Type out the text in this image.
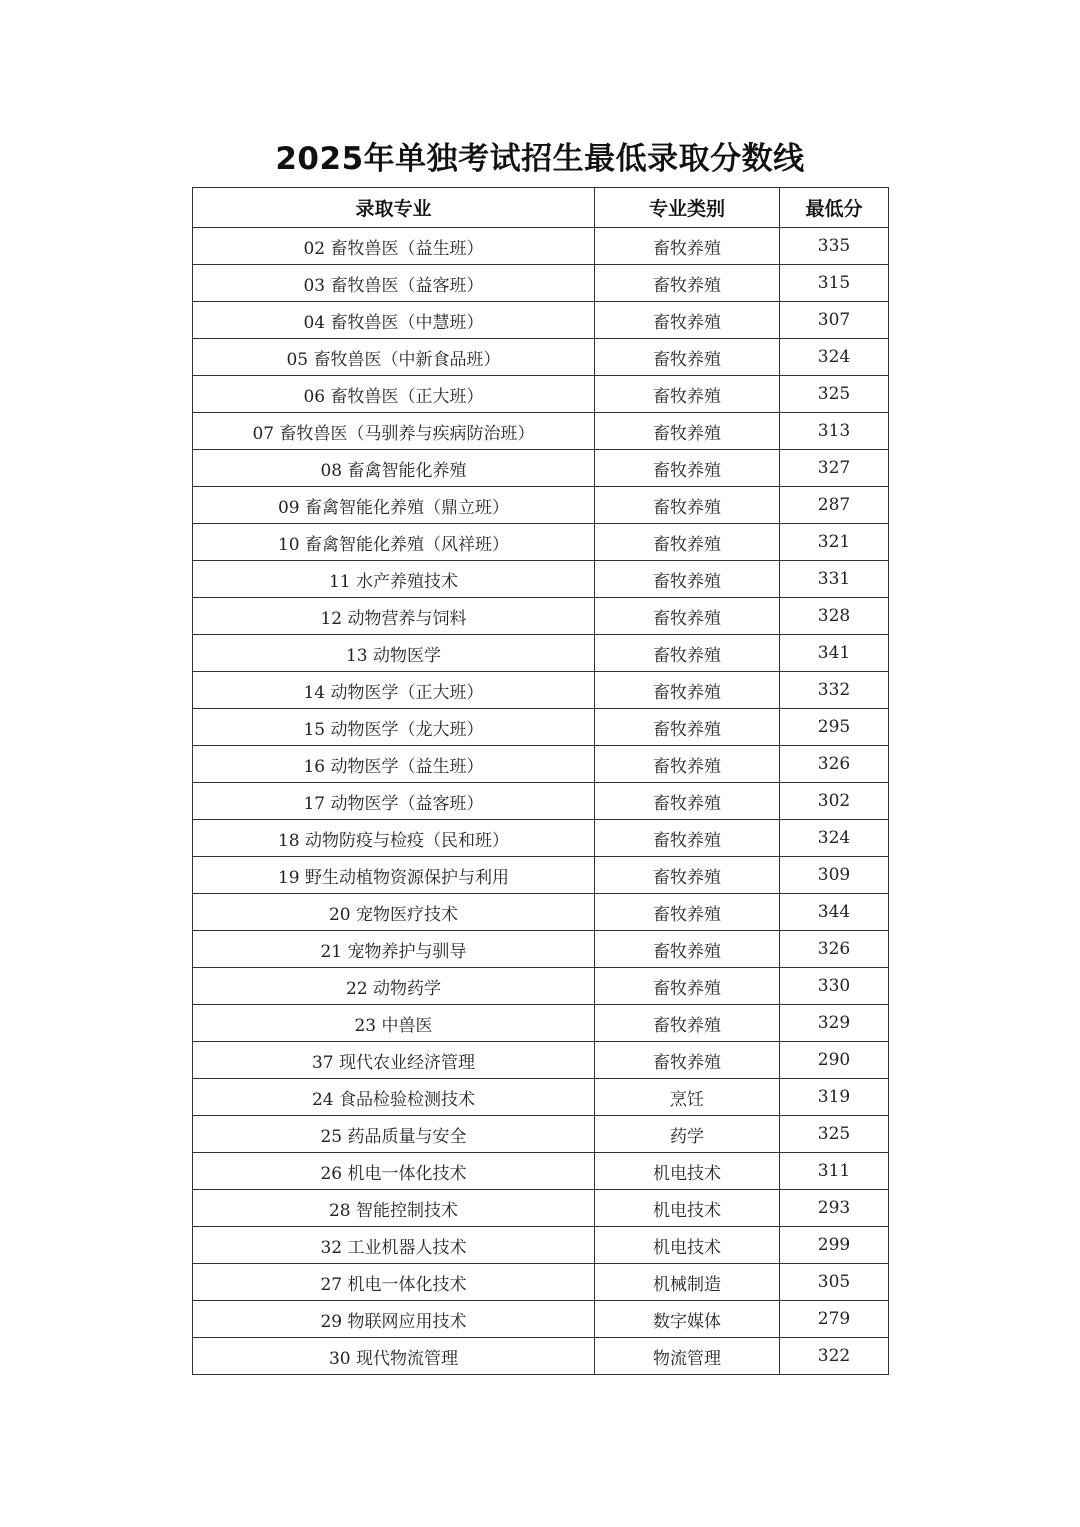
2025年单独考试招生最低录取分数线
录取专业	专业类别	最低分
02 畜牧兽医（益生班）	畜牧养殖	335
03 畜牧兽医（益客班）	畜牧养殖	315
04 畜牧兽医（中慧班）	畜牧养殖	307
05 畜牧兽医（中新食品班）	畜牧养殖	324
06 畜牧兽医（正大班）	畜牧养殖	325
07 畜牧兽医（马驯养与疾病防治班）	畜牧养殖	313
08 畜禽智能化养殖	畜牧养殖	327
09 畜禽智能化养殖（鼎立班）	畜牧养殖	287
10 畜禽智能化养殖（风祥班）	畜牧养殖	321
11 水产养殖技术	畜牧养殖	331
12 动物营养与饲料	畜牧养殖	328
13 动物医学	畜牧养殖	341
14 动物医学（正大班）	畜牧养殖	332
15 动物医学（龙大班）	畜牧养殖	295
16 动物医学（益生班）	畜牧养殖	326
17 动物医学（益客班）	畜牧养殖	302
18 动物防疫与检疫（民和班）	畜牧养殖	324
19 野生动植物资源保护与利用	畜牧养殖	309
20 宠物医疗技术	畜牧养殖	344
21 宠物养护与驯导	畜牧养殖	326
22 动物药学	畜牧养殖	330
23 中兽医	畜牧养殖	329
37 现代农业经济管理	畜牧养殖	290
24 食品检验检测技术	烹饪	319
25 药品质量与安全	药学	325
26 机电一体化技术	机电技术	311
28 智能控制技术	机电技术	293
32 工业机器人技术	机电技术	299
27 机电一体化技术	机械制造	305
29 物联网应用技术	数字媒体	279
30 现代物流管理	物流管理	322
